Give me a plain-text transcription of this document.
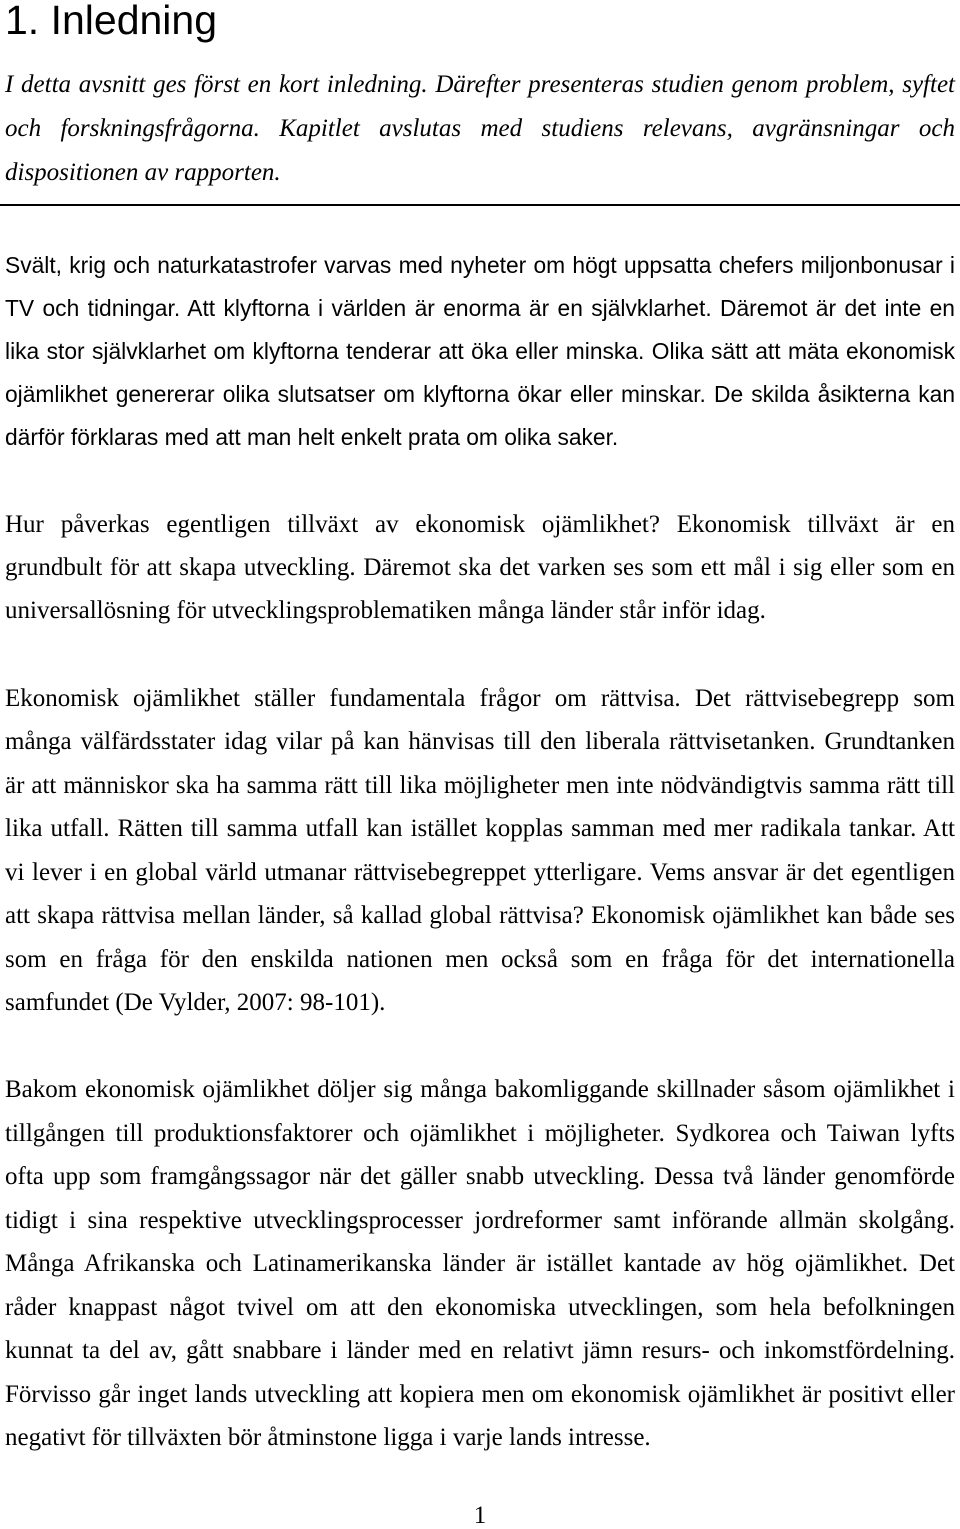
1. Inledning
I detta avsnitt ges först en kort inledning. Därefter presenteras studien genom problem, syftet
och forskningsfrågorna. Kapitlet avslutas med studiens relevans, avgränsningar och
dispositionen av rapporten.
Svält, krig och naturkatastrofer varvas med nyheter om högt uppsatta chefers miljonbonusar i
TV och tidningar. Att klyftorna i världen är enorma är en självklarhet. Däremot är det inte en
lika stor självklarhet om klyftorna tenderar att öka eller minska. Olika sätt att mäta ekonomisk
ojämlikhet genererar olika slutsatser om klyftorna ökar eller minskar. De skilda åsikterna kan
därför förklaras med att man helt enkelt prata om olika saker.
Hur påverkas egentligen tillväxt av ekonomisk ojämlikhet? Ekonomisk tillväxt är en
grundbult för att skapa utveckling. Däremot ska det varken ses som ett mål i sig eller som en
universallösning för utvecklingsproblematiken många länder står inför idag.
Ekonomisk ojämlikhet ställer fundamentala frågor om rättvisa. Det rättvisebegrepp som
många välfärdsstater idag vilar på kan hänvisas till den liberala rättvisetanken. Grundtanken
är att människor ska ha samma rätt till lika möjligheter men inte nödvändigtvis samma rätt till
lika utfall. Rätten till samma utfall kan istället kopplas samman med mer radikala tankar. Att
vi lever i en global värld utmanar rättvisebegreppet ytterligare. Vems ansvar är det egentligen
att skapa rättvisa mellan länder, så kallad global rättvisa? Ekonomisk ojämlikhet kan både ses
som en fråga för den enskilda nationen men också som en fråga för det internationella
samfundet (De Vylder, 2007: 98-101).
Bakom ekonomisk ojämlikhet döljer sig många bakomliggande skillnader såsom ojämlikhet i
tillgången till produktionsfaktorer och ojämlikhet i möjligheter. Sydkorea och Taiwan lyfts
ofta upp som framgångssagor när det gäller snabb utveckling. Dessa två länder genomförde
tidigt i sina respektive utvecklingsprocesser jordreformer samt införande allmän skolgång.
Många Afrikanska och Latinamerikanska länder är istället kantade av hög ojämlikhet. Det
råder knappast något tvivel om att den ekonomiska utvecklingen, som hela befolkningen
kunnat ta del av, gått snabbare i länder med en relativt jämn resurs- och inkomstfördelning.
Förvisso går inget lands utveckling att kopiera men om ekonomisk ojämlikhet är positivt eller
negativt för tillväxten bör åtminstone ligga i varje lands intresse.
1
